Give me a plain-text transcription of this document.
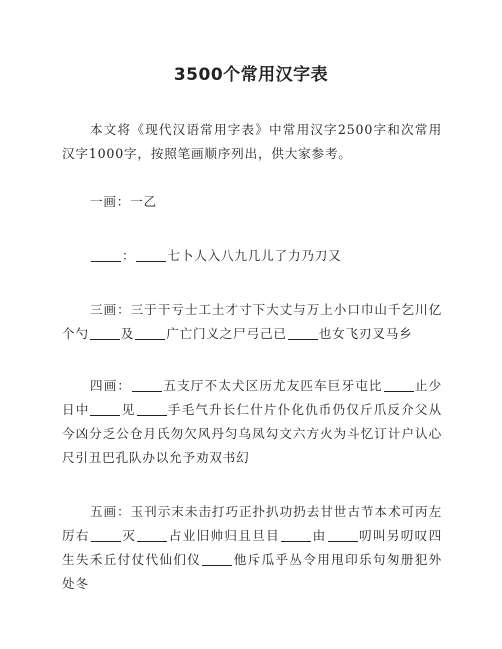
3500个常用汉字表
本文将《现代汉语常用字表》中常用汉字2500字和次常用汉字1000字，按照笔画顺序列出，供大家参考。
一画：一乙
：	七卜人入八九几儿了力乃刀又
三画：三于干亏士工土才寸下大丈与万上小口巾山千乞川亿个勺	及	广亡门义之尸弓己已	也女飞刃叉马乡
四画：	五支厅不太犬区历尤友匹车巨牙屯比	止少日中	见	手毛气升长仁什片仆化仇币仍仅斤爪反介父从今凶分乏公仓月氏勿欠风丹匀乌凤勾文六方火为斗忆订计户认心尺引丑巴孔队办以允予劝双书幻
五画：玉刊示末未击打巧正扑扒功扔去甘世古节本术可丙左厉右	灭	占业旧帅归且旦目	由	叨叫另叨叹四生失禾丘付仗代仙们仪	他斥瓜乎丛令用甩印乐句匆册犯外处冬
